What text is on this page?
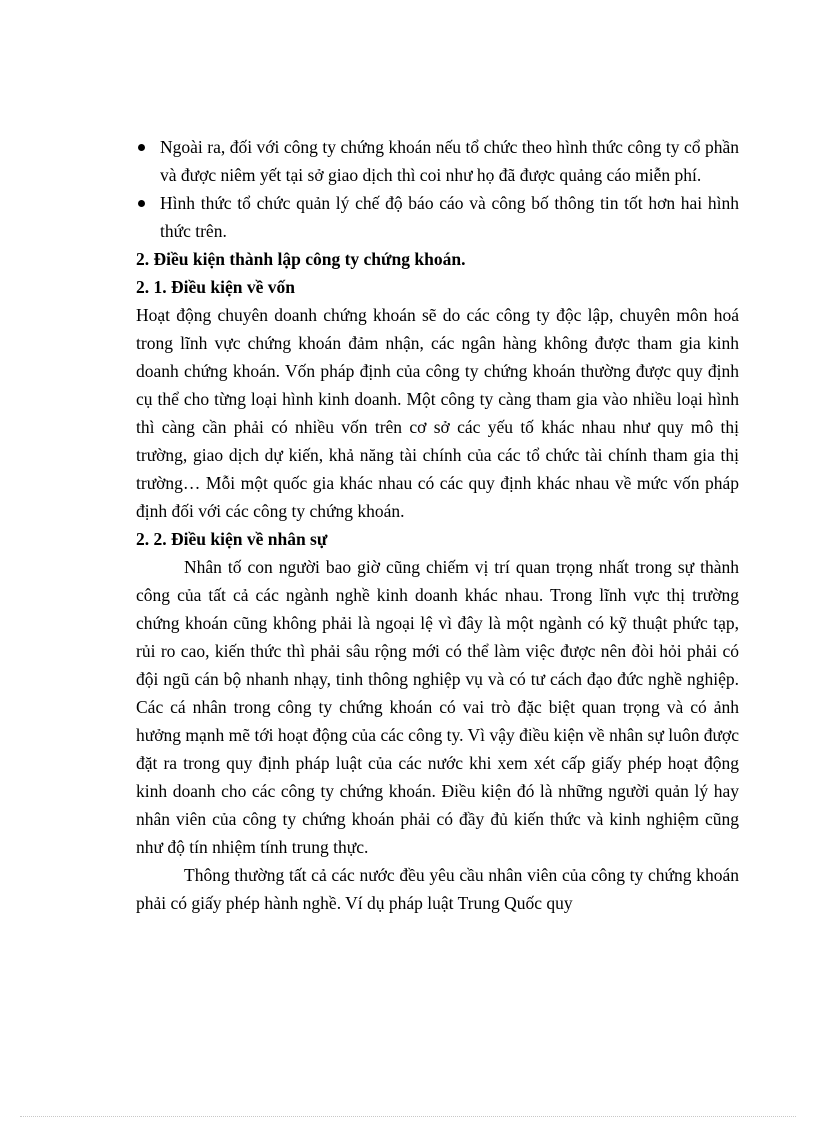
Ngoài ra, đối với công ty chứng khoán nếu tổ chức theo hình thức công ty cổ phần và được niêm yết tại sở giao dịch thì coi như họ đã được quảng cáo miễn phí.
Hình thức tổ chức quản lý chế độ báo cáo và công bố thông tin tốt hơn hai hình thức trên.

2. Điều kiện thành lập công ty chứng khoán.

2. 1. Điều kiện về vốn

Hoạt động chuyên doanh chứng khoán sẽ do các công ty độc lập, chuyên môn hoá trong lĩnh vực chứng khoán đảm nhận, các ngân hàng không được tham gia kinh doanh chứng khoán. Vốn pháp định của công ty chứng khoán thường được quy định cụ thể cho từng loại hình kinh doanh. Một công ty càng tham gia vào nhiều loại hình thì càng cần phải có nhiều vốn trên cơ sở các yếu tố khác nhau như quy mô thị trường, giao dịch dự kiến, khả năng tài chính của các tổ chức tài chính tham gia thị trường… Mỗi một quốc gia khác nhau có các quy định khác nhau về mức vốn pháp định đối với các công ty chứng khoán.

2. 2. Điều kiện về nhân sự

Nhân tố con người bao giờ cũng chiếm vị trí quan trọng nhất trong sự thành công của tất cả các ngành nghề kinh doanh khác nhau. Trong lĩnh vực thị trường chứng khoán cũng không phải là ngoại lệ vì đây là một ngành có kỹ thuật phức tạp, rủi ro cao, kiến thức thì phải sâu rộng mới có thể làm việc được nên đòi hỏi phải có đội ngũ cán bộ nhanh nhạy, tinh thông nghiệp vụ và có tư cách đạo đức nghề nghiệp. Các cá nhân trong công ty chứng khoán có vai trò đặc biệt quan trọng và có ảnh hưởng mạnh mẽ tới hoạt động của các công ty. Vì vậy điều kiện về nhân sự luôn được đặt ra trong quy định pháp luật của các nước khi xem xét cấp giấy phép hoạt động kinh doanh cho các công ty chứng khoán. Điều kiện đó là những người quản lý hay nhân viên của công ty chứng khoán phải có đầy đủ kiến thức và kinh nghiệm cũng như độ tín nhiệm tính trung thực.

Thông thường tất cả các nước đều yêu cầu nhân viên của công ty chứng khoán phải có giấy phép hành nghề. Ví dụ pháp luật Trung Quốc quy
